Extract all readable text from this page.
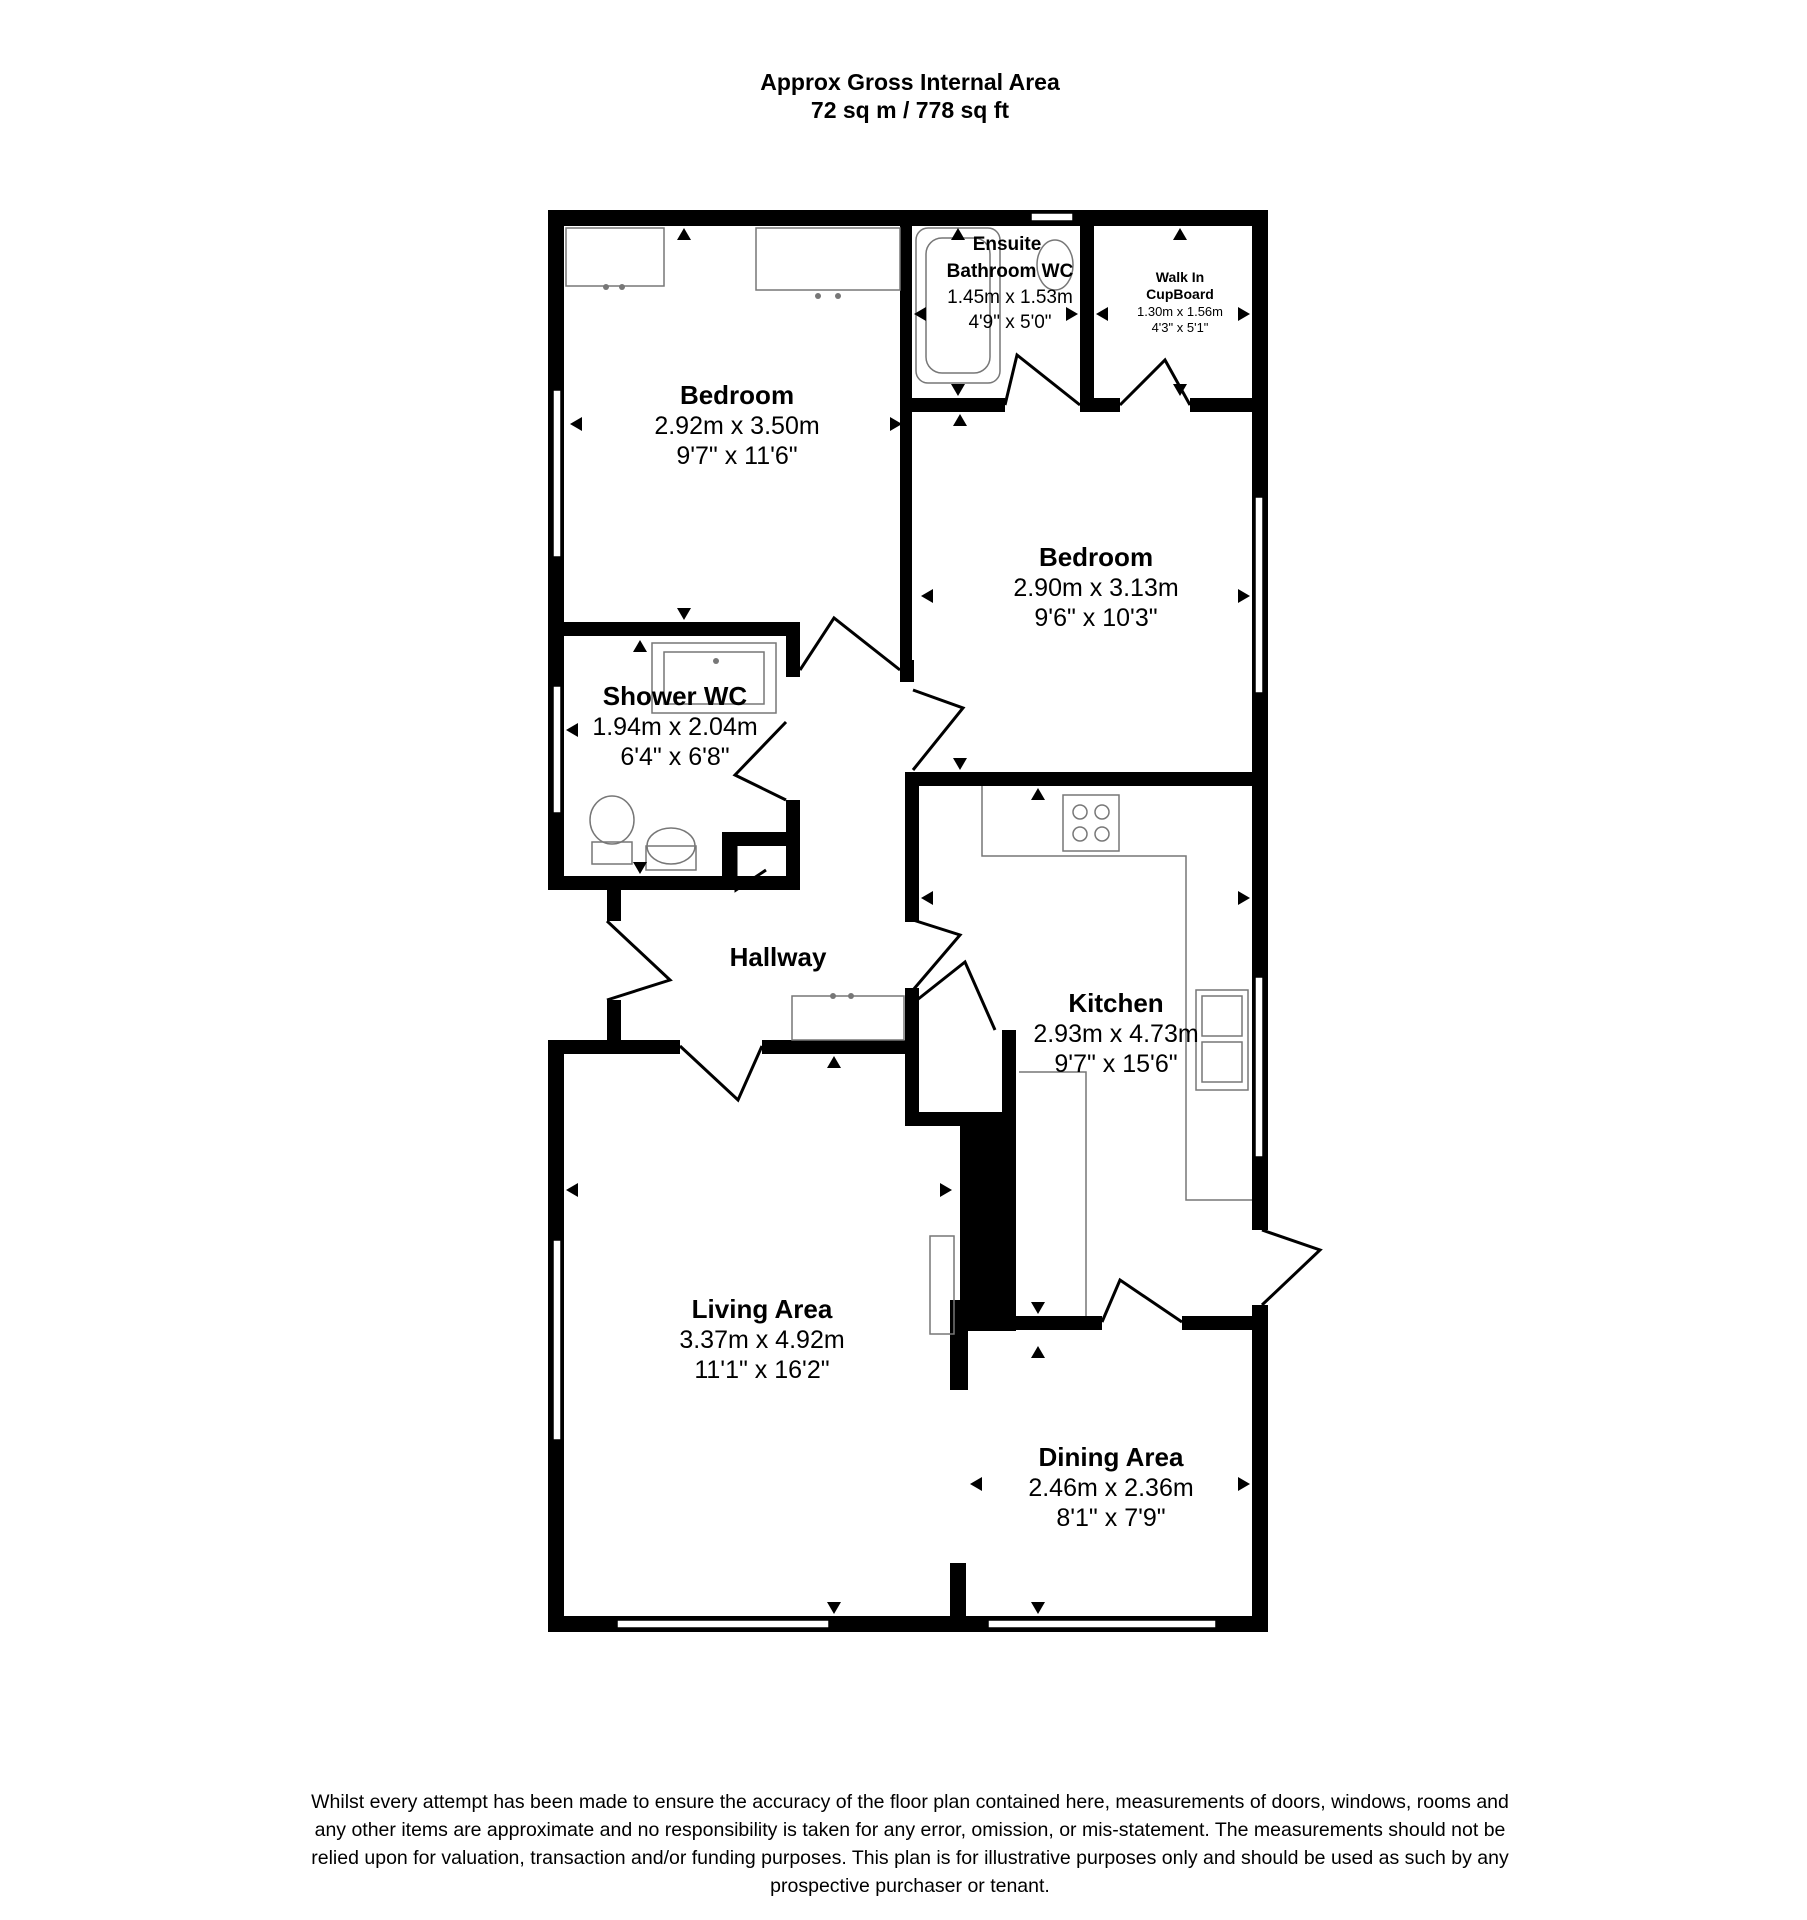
Approx Gross Internal Area
72 sq m / 778 sq ft
Bedroom
2.92m x 3.50m
9'7" x 11'6"
Ensuite
Bathroom WC
1.45m x 1.53m
4'9" x 5'0"
Walk In
CupBoard
1.30m x 1.56m
4'3" x 5'1"
Bedroom
2.90m x 3.13m
9'6" x 10'3"
Shower WC
1.94m x 2.04m
6'4" x 6'8"
Hallway
Kitchen
2.93m x 4.73m
9'7" x 15'6"
Living Area
3.37m x 4.92m
11'1" x 16'2"
Dining Area
2.46m x 2.36m
8'1" x 7'9"
Whilst every attempt has been made to ensure the accuracy of the floor plan contained here, measurements of doors, windows, rooms and
any other items are approximate and no responsibility is taken for any error, omission, or mis-statement. The measurements should not be
relied upon for valuation, transaction and/or funding purposes. This plan is for illustrative purposes only and should be used as such by any
prospective purchaser or tenant.
